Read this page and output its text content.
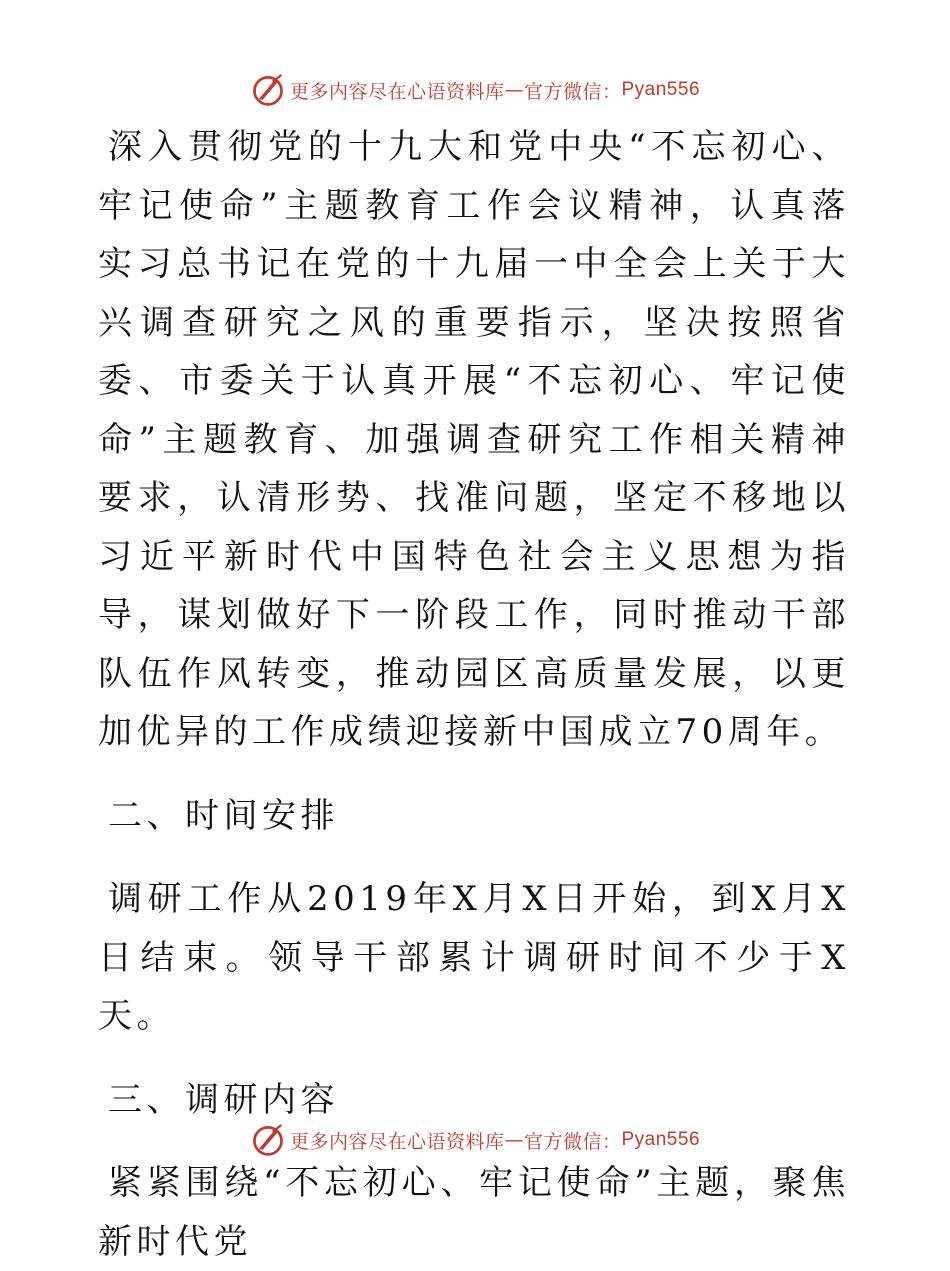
更多内容尽在心语资料库 — 官方微信： Pyan556

深入贯彻党的十九大和党中央“不忘初心、牢记使命”主题教育工作会议精神，认真落实习总书记在党的十九届一中全会上关于大兴调查研究之风的重要指示，坚决按照省委、市委关于认真开展“不忘初心、牢记使命”主题教育、加强调查研究工作相关精神要求，认清形势、找准问题，坚定不移地以习近平新时代中国特色社会主义思想为指导，谋划做好下一阶段工作，同时推动干部队伍作风转变，推动园区高质量发展，以更加优异的工作成绩迎接新中国成立70周年。

二、时间安排

调研工作从2019年X月X日开始，到X月X日结束。领导干部累计调研时间不少于X天。

三、调研内容

紧紧围绕“不忘初心、牢记使命”主题，聚焦新时代党

更多内容尽在心语资料库 — 官方微信： Pyan556
